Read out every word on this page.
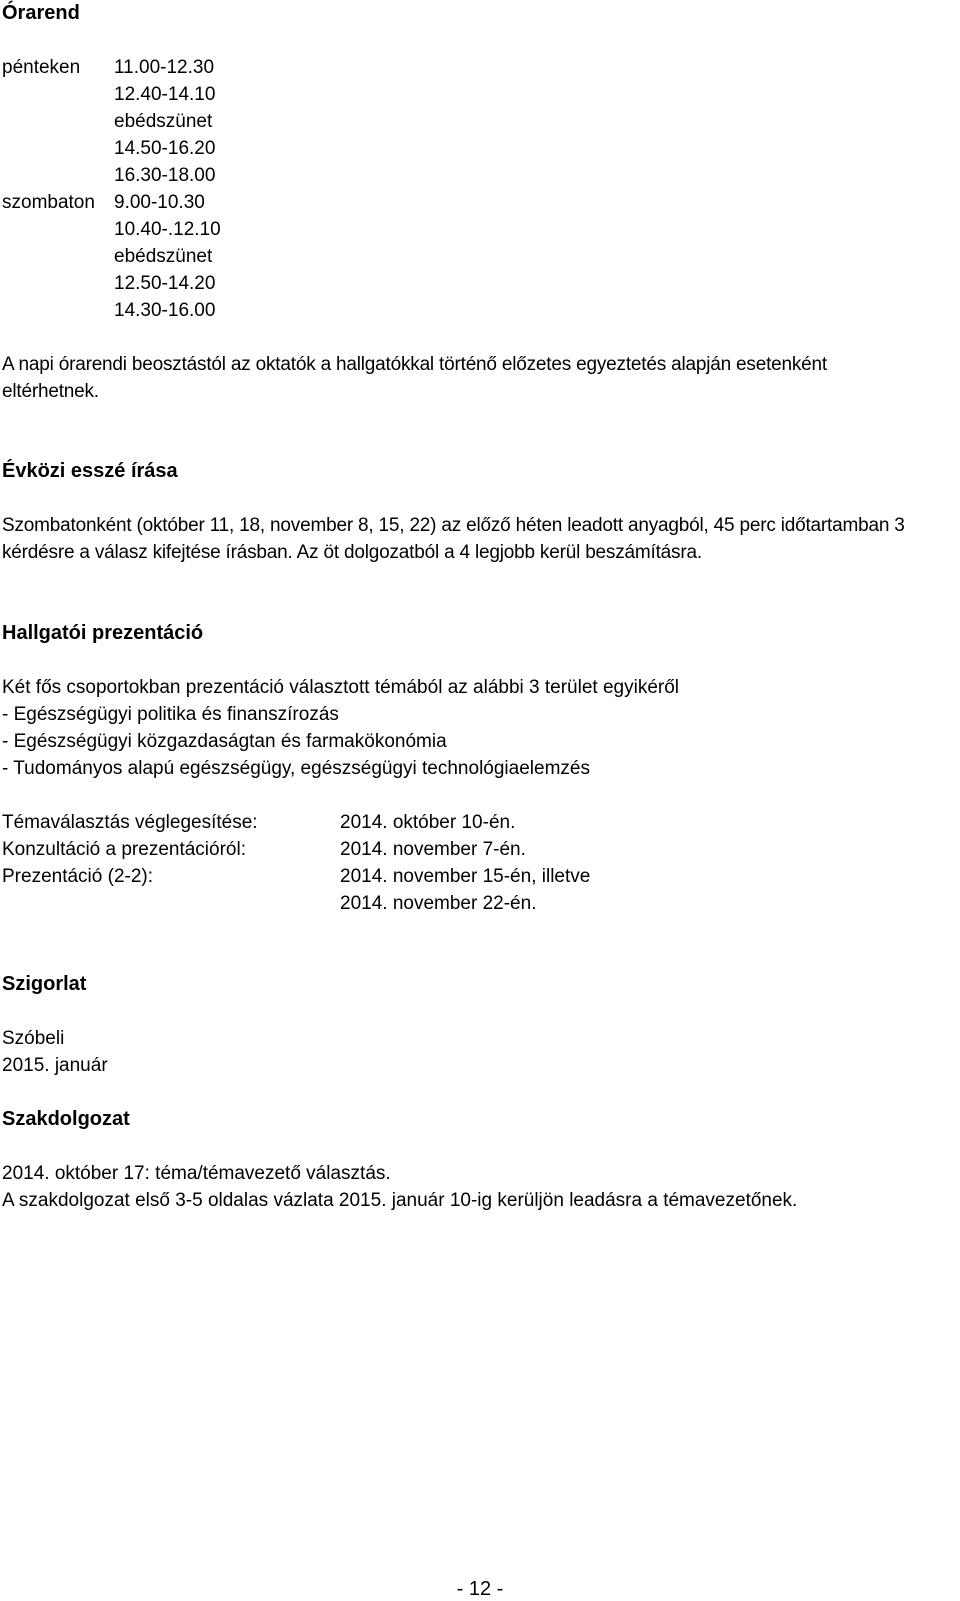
Órarend
pénteken 11.00-12.30
12.40-14.10
ebédszünet
14.50-16.20
16.30-18.00
szombaton 9.00-10.30
10.40-.12.10
ebédszünet
12.50-14.20
14.30-16.00
A napi órarendi beosztástól az oktatók a hallgatókkal történő előzetes egyeztetés alapján esetenként
eltérhetnek.
Évközi esszé írása
Szombatonként (október 11, 18, november 8, 15, 22) az előző héten leadott anyagból, 45 perc időtartamban 3
kérdésre a válasz kifejtése írásban. Az öt dolgozatból a 4 legjobb kerül beszámításra.
Hallgatói prezentáció
Két fős csoportokban prezentáció választott témából az alábbi 3 terület egyikéről
- Egészségügyi politika és finanszírozás
- Egészségügyi közgazdaságtan és farmakökonómia
- Tudományos alapú egészségügy, egészségügyi technológiaelemzés
Témaválasztás véglegesítése:
Konzultáció a prezentációról:
Prezentáció (2-2):
2014. október 10-én.
2014. november 7-én.
2014. november 15-én, illetve
2014. november 22-én.
Szigorlat
Szóbeli
2015. január
Szakdolgozat
2014. október 17: téma/témavezető választás.
A szakdolgozat első 3-5 oldalas vázlata 2015. január 10-ig kerüljön leadásra a témavezetőnek.
- 12 -
